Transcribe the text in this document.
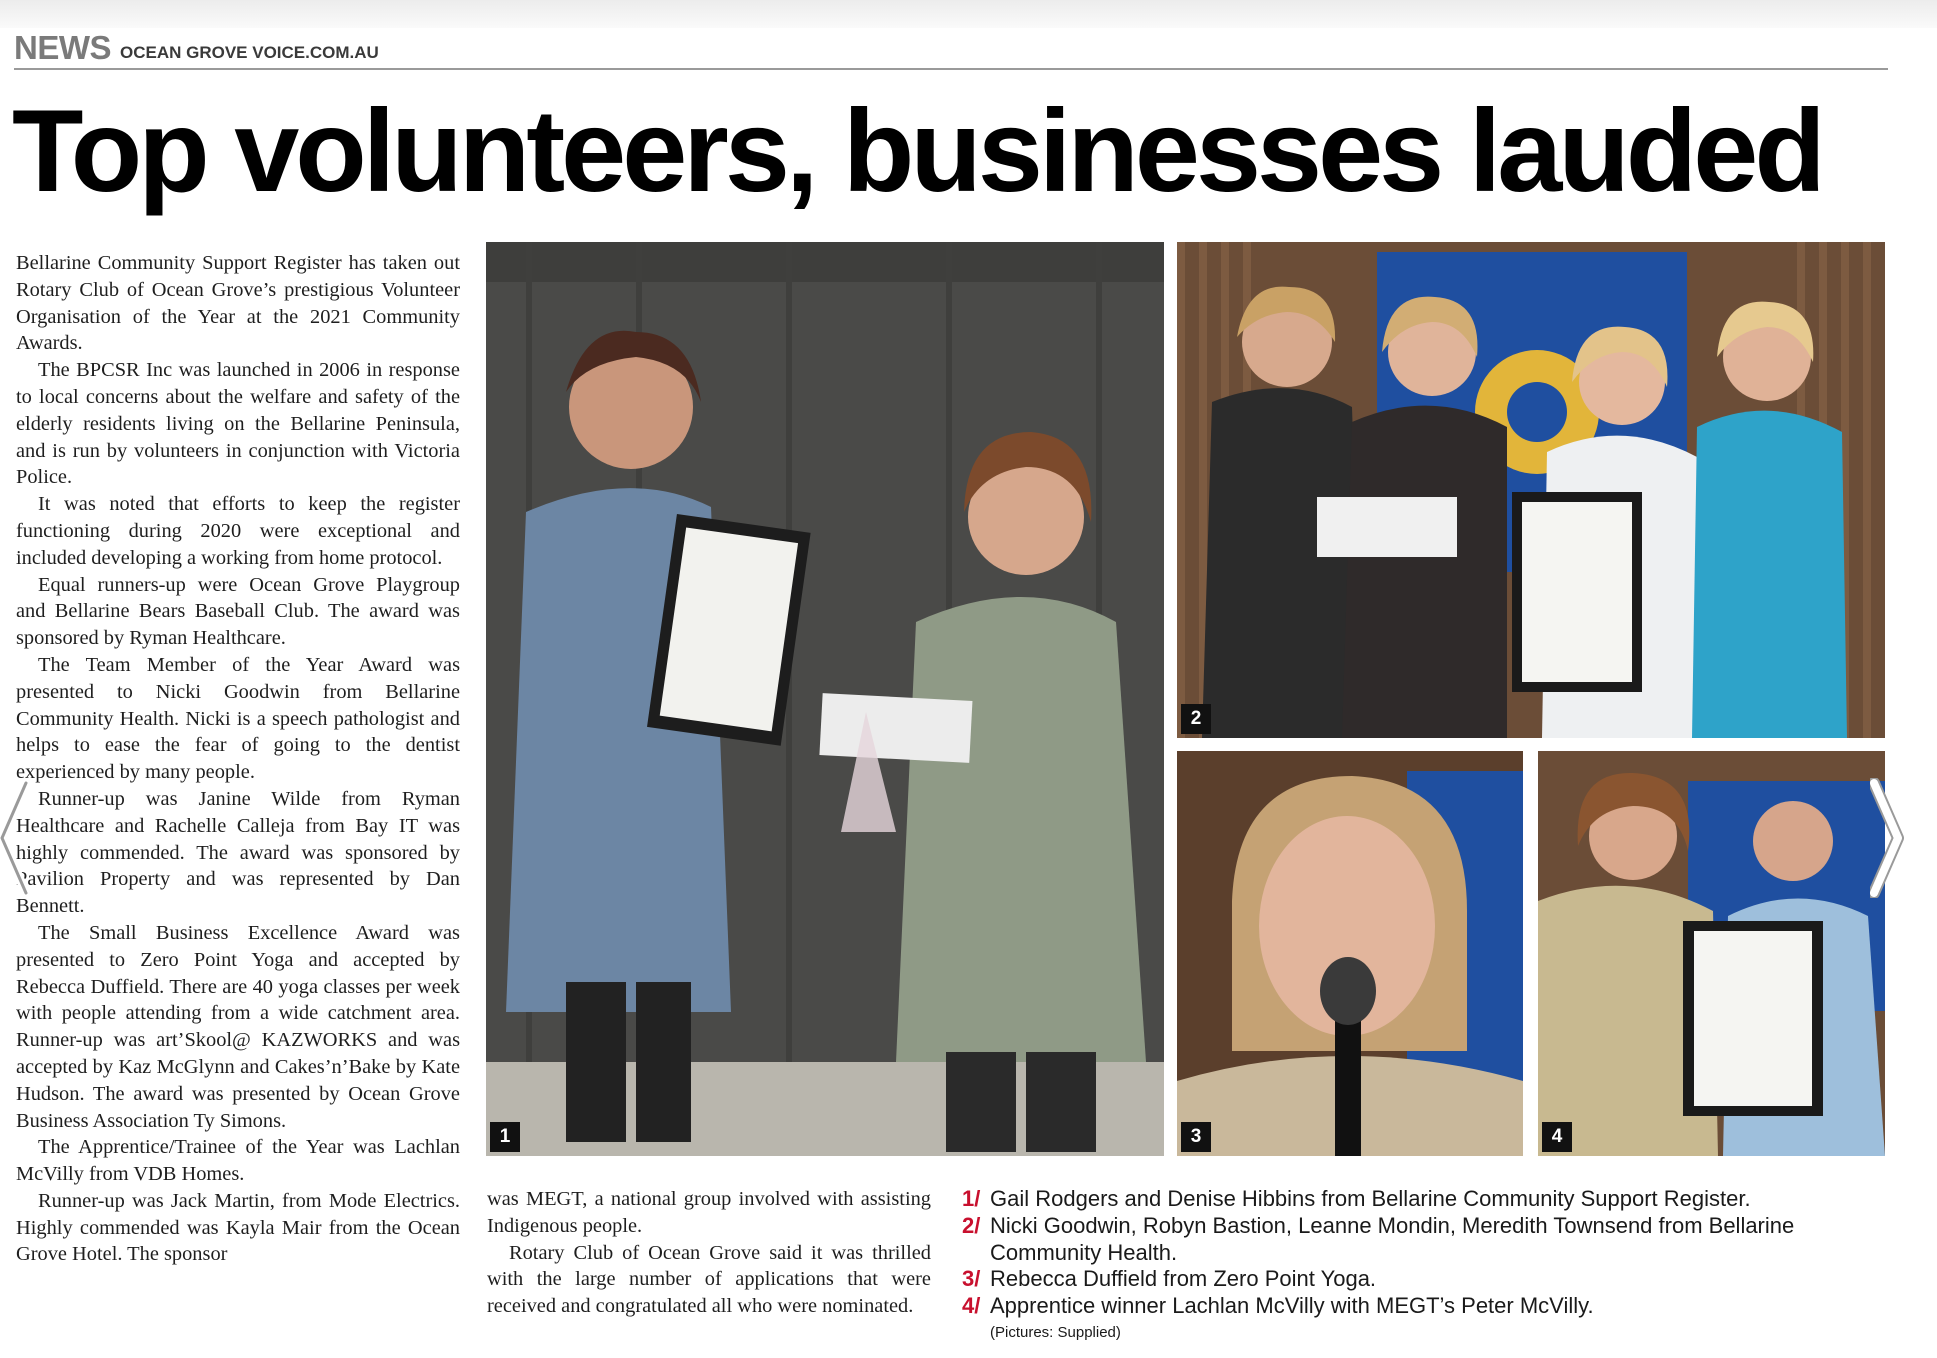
NEWS OCEAN GROVE VOICE.COM.AU
Top volunteers, businesses lauded

Bellarine Community Support Register has taken out Rotary Club of Ocean Grove’s prestigious Volunteer Organisation of the Year at the 2021 Community Awards.

The BPCSR Inc was launched in 2006 in response to local concerns about the welfare and safety of the elderly residents living on the Bellarine Peninsula, and is run by volunteers in conjunction with Victoria Police.

It was noted that efforts to keep the register functioning during 2020 were exceptional and included developing a working from home protocol.

Equal runners-up were Ocean Grove Playgroup and Bellarine Bears Baseball Club. The award was sponsored by Ryman Healthcare.

The Team Member of the Year Award was presented to Nicki Goodwin from Bellarine Community Health. Nicki is a speech pathologist and helps to ease the fear of going to the dentist experienced by many people.

Runner-up was Janine Wilde from Ryman Healthcare and Rachelle Calleja from Bay IT was highly commended. The award was sponsored by Pavilion Property and was represented by Dan Bennett.

The Small Business Excellence Award was presented to Zero Point Yoga and accepted by Rebecca Duffield. There are 40 yoga classes per week with people attending from a wide catchment area. Runner-up was art’Skool@ KAZWORKS and was accepted by Kaz McGlynn and Cakes’n’Bake by Kate Hudson. The award was presented by Ocean Grove Business Association Ty Simons.

The Apprentice/Trainee of the Year was Lachlan McVilly from VDB Homes.

Runner-up was Jack Martin, from Mode Electrics. Highly commended was Kayla Mair from the Ocean Grove Hotel. The sponsor

was MEGT, a national group involved with assisting Indigenous people.

Rotary Club of Ocean Grove said it was thrilled with the large number of applications that were received and congratulated all who were nominated.

1
2
3	4
1/ Gail Rodgers and Denise Hibbins from Bellarine Community Support Register.
2/ Nicki Goodwin, Robyn Bastion, Leanne Mondin, Meredith Townsend from Bellarine Community Health.
3/ Rebecca Duffield from Zero Point Yoga.
4/ Apprentice winner Lachlan McVilly with MEGT’s Peter McVilly.
(Pictures: Supplied)
